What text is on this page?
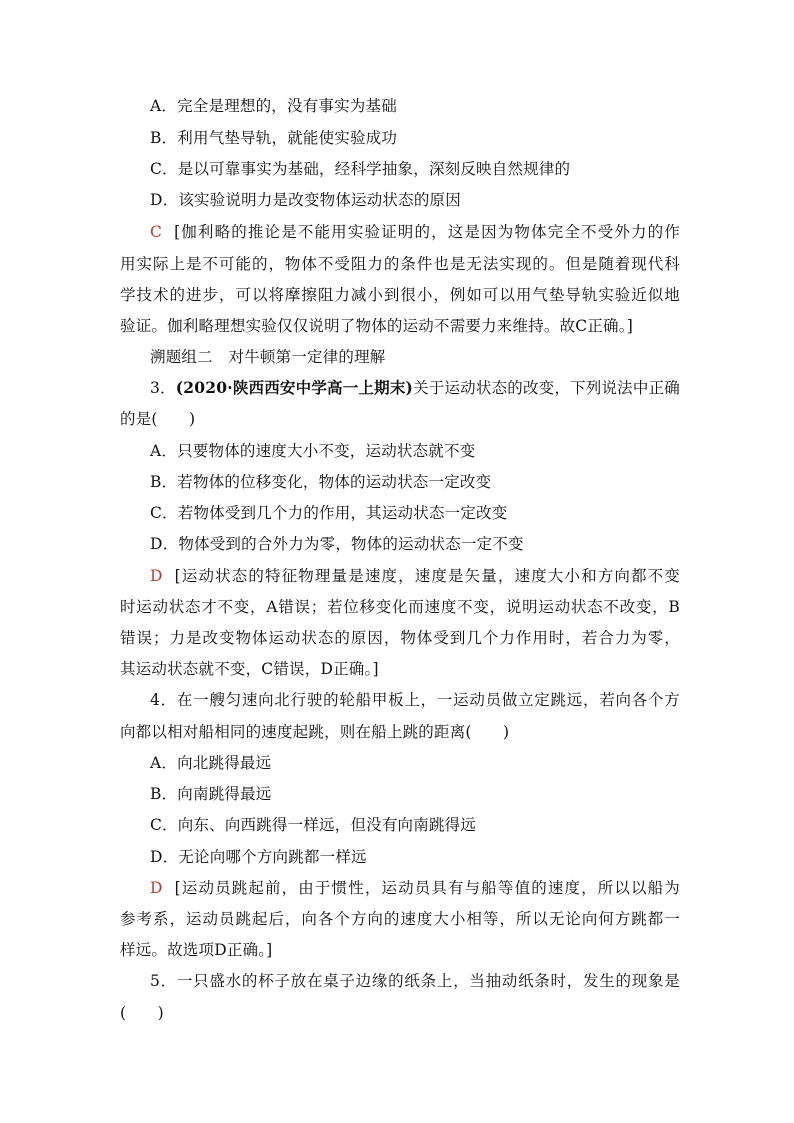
A．完全是理想的，没有事实为基础
B．利用气垫导轨，就能使实验成功
C．是以可靠事实为基础，经科学抽象，深刻反映自然规律的
D．该实验说明力是改变物体运动状态的原因
C [伽利略的推论是不能用实验证明的，这是因为物体完全不受外力的作
用实际上是不可能的，物体不受阻力的条件也是无法实现的。但是随着现代科
学技术的进步，可以将摩擦阻力减小到很小，例如可以用气垫导轨实验近似地
验证。伽利略理想实验仅仅说明了物体的运动不需要力来维持。故C正确。]
溯题组二　对牛顿第一定律的理解
3．(2020·陕西西安中学高一上期末)关于运动状态的改变，下列说法中正确
的是(　　)
A．只要物体的速度大小不变，运动状态就不变
B．若物体的位移变化，物体的运动状态一定改变
C．若物体受到几个力的作用，其运动状态一定改变
D．物体受到的合外力为零，物体的运动状态一定不变
D [运动状态的特征物理量是速度，速度是矢量，速度大小和方向都不变
时运动状态才不变，A错误；若位移变化而速度不变，说明运动状态不改变，B
错误；力是改变物体运动状态的原因，物体受到几个力作用时，若合力为零，
其运动状态就不变，C错误，D正确。]
4．在一艘匀速向北行驶的轮船甲板上，一运动员做立定跳远，若向各个方
向都以相对船相同的速度起跳，则在船上跳的距离(　　)
A．向北跳得最远
B．向南跳得最远
C．向东、向西跳得一样远，但没有向南跳得远
D．无论向哪个方向跳都一样远
D [运动员跳起前，由于惯性，运动员具有与船等值的速度，所以以船为
参考系，运动员跳起后，向各个方向的速度大小相等，所以无论向何方跳都一
样远。故选项D正确。]
5．一只盛水的杯子放在桌子边缘的纸条上，当抽动纸条时，发生的现象是
(　　)
